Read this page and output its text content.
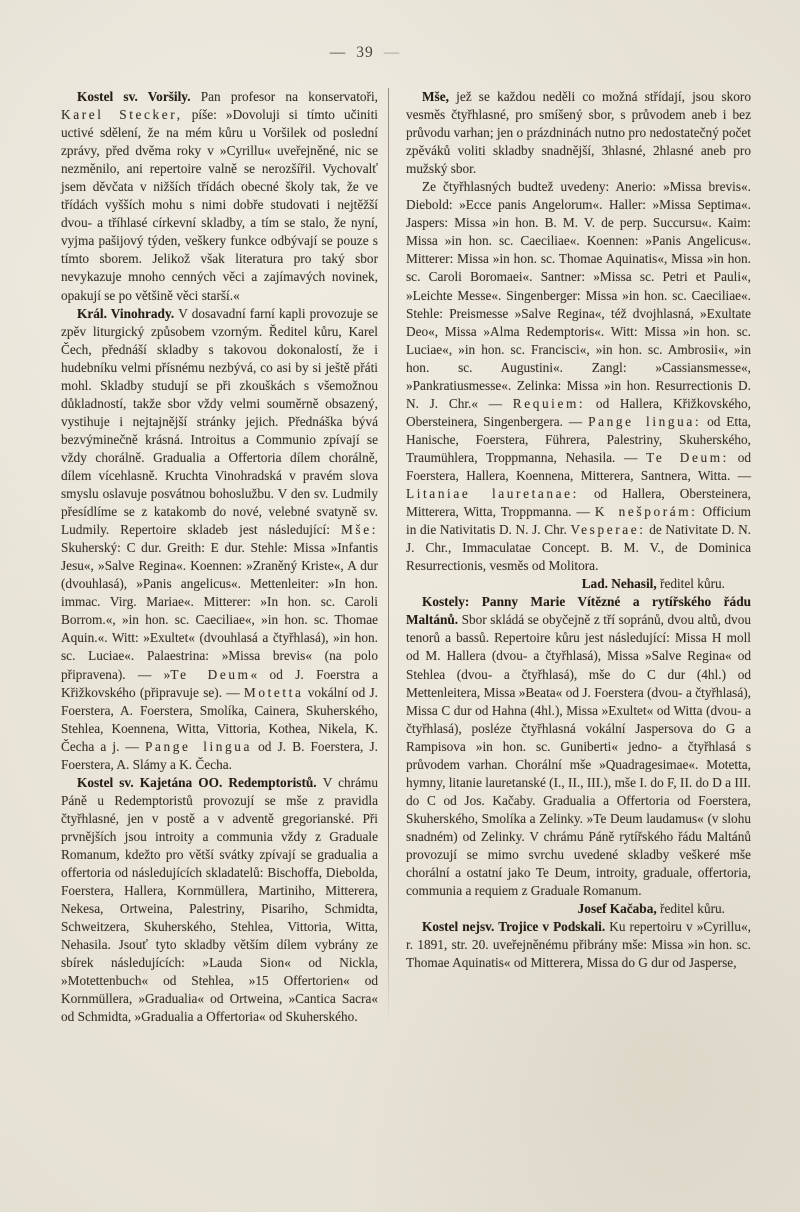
— 39 —

Kostel sv. Voršily. Pan profesor na konservatoři, Karel Stecker, píše: »Dovoluji si tímto učiniti uctivé sdělení, že na mém kůru u Voršilek od poslední zprávy, před dvěma roky v »Cyrillu« uveřejněné, nic se nezměnilo, ani repertoire valně se nerozšířil. Vychovalť jsem děvčata v nižších třídách obecné školy tak, že ve třídách vyšších mohu s nimi dobře studovati i nejtěžší dvou- a tříhlasé církevní skladby, a tím se stalo, že nyní, vyjma pašijový týden, veškery funkce odbývají se pouze s tímto sborem. Jelikož však literatura pro taký sbor nevykazuje mnoho cenných věci a zajímavých novinek, opakují se po většině věci starší.«

Král. Vinohrady. V dosavadní farní kapli provozuje se zpěv liturgický způsobem vzorným. Ředitel kůru, Karel Čech, přednáší skladby s takovou dokonalostí, že i hudebníku velmi přísnému nezbývá, co asi by si ještě přáti mohl. Skladby studují se při zkouškách s všemožnou důkladností, takže sbor vždy velmi souměrně obsazený, vystihuje i nejtajnější stránky jejich. Přednáška bývá bezvýminečně krásná. Introitus a Communio zpívají se vždy chorálně. Gradualia a Offertoria dílem chorálně, dílem vícehlasně. Kruchta Vinohradská v pravém slova smyslu oslavuje posvátnou bohoslužbu. V den sv. Ludmily přesídlíme se z katakomb do nové, velebné svatyně sv. Ludmily. Repertoire skladeb jest následující: Mše: Skuherský: C dur. Greith: E dur. Stehle: Missa »Infantis Jesu«, »Salve Regina«. Koennen: »Zraněný Kriste«, A dur (dvouhlasá), »Panis angelicus«. Mettenleiter: »In hon. immac. Virg. Mariae«. Mitterer: »In hon. sc. Caroli Borrom.«, »in hon. sc. Caeciliae«, »in hon. sc. Thomae Aquin.«. Witt: »Exultet« (dvouhlasá a čtyřhlasá), »in hon. sc. Luciae«. Palaestrina: »Missa brevis« (na polo připravena). — »Te Deum« od J. Foerstra a Křižkovského (připravuje se). — Motetta vokální od J. Foerstera, A. Foerstera, Smolíka, Cainera, Skuherského, Stehlea, Koennena, Witta, Vittoria, Kothea, Nikela, K. Čecha a j. — Pange lingua od J. B. Foerstera, J. Foerstera, A. Slámy a K. Čecha.

Kostel sv. Kajetána OO. Redemptoristů. V chrámu Páně u Redemptoristů provozují se mše z pravidla čtyřhlasné, jen v postě a v adventě gregorianské. Při prvnějších jsou introity a communia vždy z Graduale Romanum, kdežto pro větší svátky zpívají se gradualia a offertoria od následujících skladatelů: Bischoffa, Diebolda, Foerstera, Hallera, Kornmüllera, Martiniho, Mitterera, Nekesa, Ortweina, Palestriny, Pisariho, Schmidta, Schweitzera, Skuherského, Stehlea, Vittoria, Witta, Nehasila. Jsouť tyto skladby větším dílem vybrány ze sbírek následujících: »Lauda Sion« od Nickla, »Motettenbuch« od Stehlea, »15 Offertorien« od Kornmüllera, »Gradualia« od Ortweina, »Cantica Sacra« od Schmidta, »Gradualia a Offertoria« od Skuherského.

Mše, jež se každou neděli co možná střídají, jsou skoro vesměs čtyřhlasné, pro smíšený sbor, s průvodem aneb i bez průvodu varhan; jen o prázdninách nutno pro nedostatečný počet zpěváků voliti skladby snadnější, 3hlasné, 2hlasné aneb pro mužský sbor.

Ze čtyřhlasných budtež uvedeny: Anerio: »Missa brevis«. Diebold: »Ecce panis Angelorum«. Haller: »Missa Septima«. Jaspers: Missa »in hon. B. M. V. de perp. Succursu«. Kaim: Missa »in hon. sc. Caeciliae«. Koennen: »Panis Angelicus«. Mitterer: Missa »in hon. sc. Thomae Aquinatis«, Missa »in hon. sc. Caroli Boromaei«. Santner: »Missa sc. Petri et Pauli«, »Leichte Messe«. Singenberger: Missa »in hon. sc. Caeciliae«. Stehle: Preismesse »Salve Regina«, též dvojhlasná, »Exultate Deo«, Missa »Alma Redemptoris«. Witt: Missa »in hon. sc. Luciae«, »in hon. sc. Francisci«, »in hon. sc. Ambrosii«, »in hon. sc. Augustini«. Zangl: »Cassiansmesse«, »Pankratiusmesse«. Zelinka: Missa »in hon. Resurrectionis D. N. J. Chr.« — Requiem: od Hallera, Křižkovského, Obersteinera, Singenbergera. — Pange lingua: od Etta, Hanische, Foerstera, Führera, Palestriny, Skuherského, Traumühlera, Troppmanna, Nehasila. — Te Deum: od Foerstera, Hallera, Koennena, Mitterera, Santnera, Witta. — Litaniae lauretanae: od Hallera, Obersteinera, Mitterera, Witta, Troppmanna. — K nešporám: Officium in die Nativitatis D. N. J. Chr. Vesperae: de Nativitate D. N. J. Chr., Immaculatae Concept. B. M. V., de Dominica Resurrectionis, vesměs od Molitora.

Lad. Nehasil, ředitel kůru.

Kostely: Panny Marie Vítězné a rytířského řádu Maltánů. Sbor skládá se obyčejně z tří sopránů, dvou altů, dvou tenorů a bassů. Repertoire kůru jest následující: Missa H moll od M. Hallera (dvou- a čtyřhlasá), Missa »Salve Regina« od Stehlea (dvou- a čtyřhlasá), mše do C dur (4hl.) od Mettenleitera, Missa »Beata« od J. Foerstera (dvou- a čtyřhlasá), Missa C dur od Hahna (4hl.), Missa »Exultet« od Witta (dvou- a čtyřhlasá), posléze čtyřhlasná vokální Jaspersova do G a Rampisova »in hon. sc. Guniberti« jedno- a čtyřhlasá s průvodem varhan. Chorální mše »Quadragesimae«. Motetta, hymny, litanie lauretanské (I., II., III.), mše I. do F, II. do D a III. do C od Jos. Kačaby. Gradualia a Offertoria od Foerstera, Skuherského, Smolíka a Zelinky. »Te Deum laudamus« (v slohu snadném) od Zelinky. V chrámu Páně rytířského řádu Maltánů provozují se mimo svrchu uvedené skladby veškeré mše chorální a ostatní jako Te Deum, introity, graduale, offertoria, communia a requiem z Graduale Romanum.

Josef Kačaba, ředitel kůru.

Kostel nejsv. Trojice v Podskali. Ku repertoiru v »Cyrillu«, r. 1891, str. 20. uveřejněnému přibrány mše: Missa »in hon. sc. Thomae Aquinatis« od Mitterera, Missa do G dur od Jasperse,
